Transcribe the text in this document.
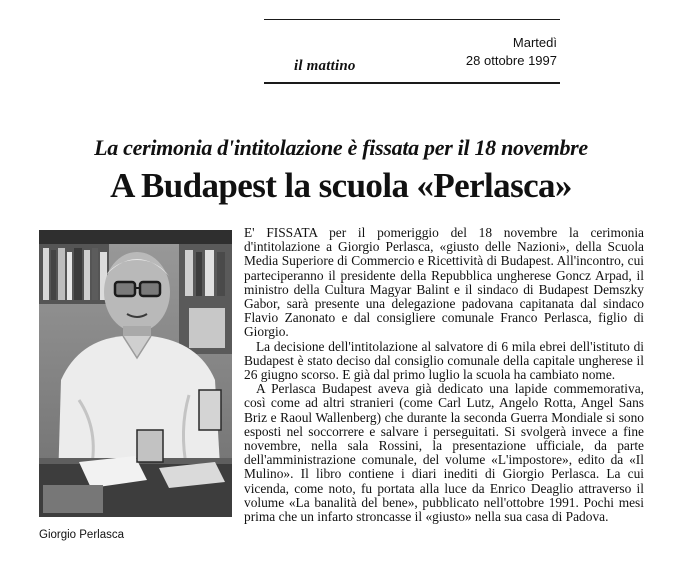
Martedì
28 ottobre 1997
il mattino
La cerimonia d'intitolazione è fissata per il 18 novembre
A Budapest la scuola «Perlasca»
Giorgio Perlasca

E' FISSATA per il pomeriggio del 18 novembre la cerimonia d'intitolazione a Giorgio Perlasca, «giusto delle Nazioni», della Scuola Media Superiore di Commercio e Ricettività di Budapest. All'incontro, cui parteciperanno il presidente della Repubblica ungherese Goncz Arpad, il ministro della Cultura Magyar Balint e il sindaco di Budapest Demszky Gabor, sarà presente una delegazione padovana capitanata dal sindaco Flavio Zanonato e dal consigliere comunale Franco Perlasca, figlio di Giorgio.

La decisione dell'intitolazione al salvatore di 6 mila ebrei dell'istituto di Budapest è stato deciso dal consiglio comunale della capitale ungherese il 26 giugno scorso. E già dal primo luglio la scuola ha cambiato nome.

A Perlasca Budapest aveva già dedicato una lapide commemorativa, così come ad altri stranieri (come Carl Lutz, Angelo Rotta, Angel Sans Briz e Raoul Wallenberg) che durante la seconda Guerra Mondiale si sono esposti nel soccorrere e salvare i perseguitati. Si svolgerà invece a fine novembre, nella sala Rossini, la presentazione ufficiale, da parte dell'amministrazione comunale, del volume «L'impostore», edito da «Il Mulino». Il libro contiene i diari inediti di Giorgio Perlasca. La cui vicenda, come noto, fu portata alla luce da Enrico Deaglio attraverso il volume «La banalità del bene», pubblicato nell'ottobre 1991. Pochi mesi prima che un infarto stroncasse il «giusto» nella sua casa di Padova.
